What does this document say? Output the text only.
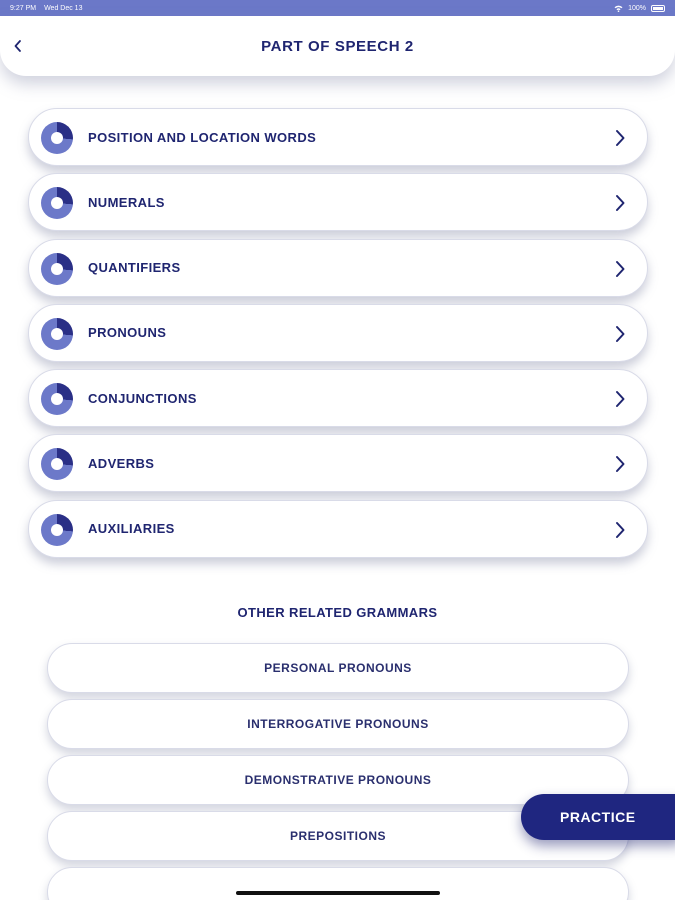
9:27 PM Wed Dec 13	100%
PART OF SPEECH 2
POSITION AND LOCATION WORDS
NUMERALS
QUANTIFIERS
PRONOUNS
CONJUNCTIONS
ADVERBS
AUXILIARIES
OTHER RELATED GRAMMARS
PERSONAL PRONOUNS
INTERROGATIVE PRONOUNS
DEMONSTRATIVE PRONOUNS
PREPOSITIONS
PRACTICE
